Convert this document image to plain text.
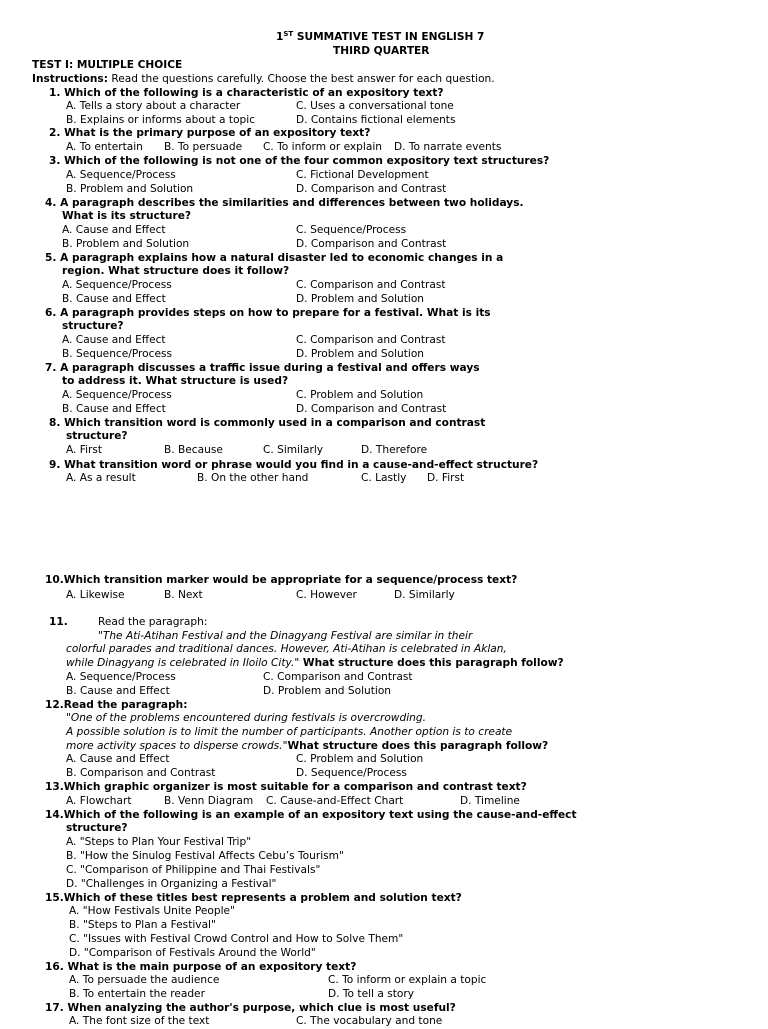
1ST SUMMATIVE TEST IN ENGLISH 7
THIRD QUARTER
TEST I: MULTIPLE CHOICE
Instructions: Read the questions carefully. Choose the best answer for each question.
1. Which of the following is a characteristic of an expository text?
A. Tells a story about a character	C. Uses a conversational tone
B. Explains or informs about a topic	D. Contains fictional elements
2. What is the primary purpose of an expository text?
A. To entertain B. To persuade C. To inform or explain D. To narrate events
3. Which of the following is not one of the four common expository text structures?
A. Sequence/Process	C. Fictional Development
B. Problem and Solution	D. Comparison and Contrast
4. A paragraph describes the similarities and differences between two holidays.
What is its structure?
A. Cause and Effect	C. Sequence/Process
B. Problem and Solution	D. Comparison and Contrast
5. A paragraph explains how a natural disaster led to economic changes in a
region. What structure does it follow?
A. Sequence/Process	C. Comparison and Contrast
B. Cause and Effect	D. Problem and Solution
6. A paragraph provides steps on how to prepare for a festival. What is its
structure?
A. Cause and Effect	C. Comparison and Contrast
B. Sequence/Process	D. Problem and Solution
7. A paragraph discusses a traffic issue during a festival and offers ways
to address it. What structure is used?
A. Sequence/Process	C. Problem and Solution
B. Cause and Effect	D. Comparison and Contrast
8. Which transition word is commonly used in a comparison and contrast
structure?
A. First	B. Because	C. Similarly	D. Therefore
9. What transition word or phrase would you find in a cause-and-effect structure?
A. As a result	B. On the other hand	C. Lastly D. First
10.Which transition marker would be appropriate for a sequence/process text?
A. Likewise	B. Next	C. However	D. Similarly
11.	Read the paragraph:
"The Ati-Atihan Festival and the Dinagyang Festival are similar in their
colorful parades and traditional dances. However, Ati-Atihan is celebrated in Aklan,
while Dinagyang is celebrated in Iloilo City." What structure does this paragraph follow?
A. Sequence/Process	C. Comparison and Contrast
B. Cause and Effect	D. Problem and Solution
12.Read the paragraph:
"One of the problems encountered during festivals is overcrowding.
A possible solution is to limit the number of participants. Another option is to create
more activity spaces to disperse crowds."What structure does this paragraph follow?
A. Cause and Effect	C. Problem and Solution
B. Comparison and Contrast	D. Sequence/Process
13.Which graphic organizer is most suitable for a comparison and contrast text?
A. Flowchart	B. Venn Diagram C. Cause-and-Effect Chart	D. Timeline
14.Which of the following is an example of an expository text using the cause-and-effect
structure?
A. "Steps to Plan Your Festival Trip"
B. "How the Sinulog Festival Affects Cebu’s Tourism"
C. "Comparison of Philippine and Thai Festivals"
D. "Challenges in Organizing a Festival"
15.Which of these titles best represents a problem and solution text?
A. "How Festivals Unite People"
B. "Steps to Plan a Festival"
C. "Issues with Festival Crowd Control and How to Solve Them"
D. "Comparison of Festivals Around the World"
16. What is the main purpose of an expository text?
A. To persuade the audience	C. To inform or explain a topic
B. To entertain the reader	D. To tell a story
17. When analyzing the author's purpose, which clue is most useful?
A. The font size of the text	C. The vocabulary and tone
